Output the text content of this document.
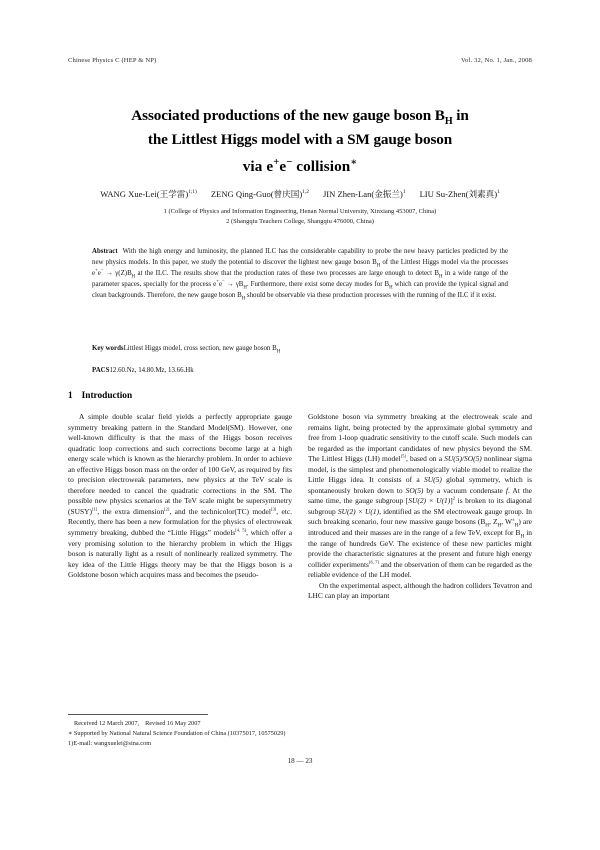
Chinese Physics C (HEP & NP)	Vol. 32, No. 1, Jan., 2008
Associated productions of the new gauge boson $B_H$ in
the Littlest Higgs model with a SM gauge boson
via e+e− collision∗
WANG Xue-Lei(王学雷)$^{1;1)}$ ZENG Qing-Guo(曾庆国)$^{1,2}$ JIN Zhen-Lan(金振兰)$^1$ LIU Su-Zhen(刘素真)$^1$
1 (College of Physics and Information Engineering, Henan Normal University, Xinxiang 453007, China)
2 (Shangqiu Teachers College, Shangqiu 476000, China)
Abstract With the high energy and luminosity, the planned ILC has the considerable capability to probe the new heavy particles predicted by the new physics models. In this paper, we study the potential to discover the lightest new gauge boson $B_H$ of the Littlest Higgs model via the processes $e^+e^- \to \gamma(Z)B_H$ at the ILC. The results show that the production rates of these two processes are large enough to detect $B_H$ in a wide range of the parameter spaces, specially for the process $e^+e^- \to \gamma B_H$. Furthermore, there exist some decay modes for $B_H$ which can provide the typical signal and clean backgrounds. Therefore, the new gauge boson $B_H$ should be observable via these production processes with the running of the ILC if it exist.
Key wordsLittlest Higgs model, cross section, new gauge boson $B_H$
PACS12.60.Nz, 14.80.Mz, 13.66.Hk
1 Introduction

A simple double scalar field yields a perfectly appropriate gauge symmetry breaking pattern in the Standard Model(SM). However, one well-known difficulty is that the mass of the Higgs boson receives quadratic loop corrections and such corrections become large at a high energy scale which is known as the hierarchy problem. In order to achieve an effective Higgs boson mass on the order of 100 GeV, as required by fits to precision electroweak parameters, new physics at the TeV scale is therefore needed to cancel the quadratic corrections in the SM. The possible new physics scenarios at the TeV scale might be supersymmetry (SUSY)[1], the extra dimension[2], and the technicolor(TC) model[3], etc. Recently, there has been a new formulation for the physics of electroweak symmetry breaking, dubbed the “Little Higgs” models[4, 5], which offer a very promising solution to the hierarchy problem in which the Higgs boson is naturally light as a result of nonlinearly realized symmetry. The key idea of the Little Higgs theory may be that the Higgs boson is a Goldstone boson which acquires mass and becomes the pseudo-

Goldstone boson via symmetry breaking at the electroweak scale and remains light, being protected by the approximate global symmetry and free from 1-loop quadratic sensitivity to the cutoff scale. Such models can be regarded as the important candidates of new physics beyond the SM. The Littlest Higgs (LH) model[5], based on a SU(5)/SO(5) nonlinear sigma model, is the simplest and phenomenologically viable model to realize the Little Higgs idea. It consists of a SU(5) global symmetry, which is spontaneously broken down to SO(5) by a vacuum condensate f. At the same time, the gauge subgroup $[SU(2) \times U(1)]^2$ is broken to its diagonal subgroup SU(2) × U(1), identified as the SM electroweak gauge group. In such breaking scenario, four new massive gauge bosons ($B_H$, $Z_H$, $W^\pm_H$) are introduced and their masses are in the range of a few TeV, except for $B_H$ in the range of hundreds GeV. The existence of these new particles might provide the characteristic signatures at the present and future high energy collider experiments[6, 7] and the observation of them can be regarded as the reliable evidence of the LH model.

On the experimental aspect, although the hadron colliders Tevatron and LHC can play an important

Received 12 March 2007, Revised 16 May 2007
∗ Supported by National Natural Science Foundation of China (10375017, 10575029)
1)E-mail: wangxuelei@sina.com
18 — 23
